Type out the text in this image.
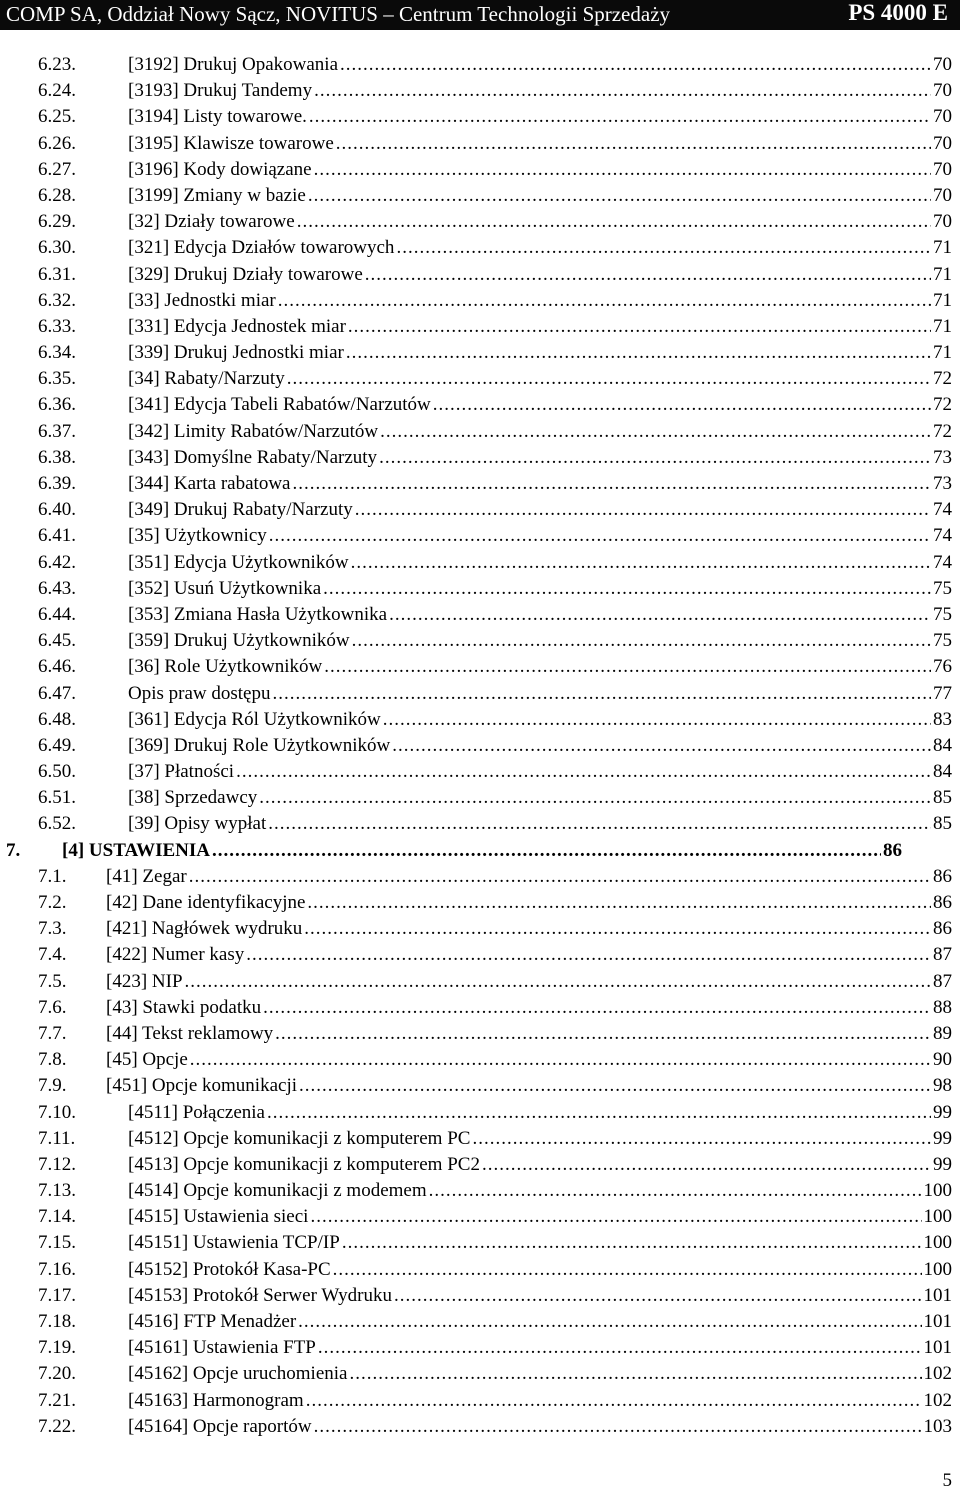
COMP SA, Oddział Nowy Sącz, NOVITUS – Centrum Technologii Sprzedaży	PS 4000 E
6.23.	[3192] Drukuj Opakowania .....	70
6.24.	[3193] Drukuj Tandemy .....	70
6.25.	[3194] Listy towarowe. .....	70
6.26.	[3195] Klawisze towarowe .....	70
6.27.	[3196] Kody dowiązane .....	70
6.28.	[3199] Zmiany w bazie .....	70
6.29.	[32] Działy towarowe .....	70
6.30.	[321] Edycja Działów towarowych .....	71
6.31.	[329] Drukuj Działy towarowe .....	71
6.32.	[33] Jednostki miar .....	71
6.33.	[331] Edycja Jednostek miar .....	71
6.34.	[339] Drukuj Jednostki miar .....	71
6.35.	[34] Rabaty/Narzuty .....	72
6.36.	[341] Edycja Tabeli Rabatów/Narzutów .....	72
6.37.	[342] Limity Rabatów/Narzutów .....	72
6.38.	[343] Domyślne Rabaty/Narzuty .....	73
6.39.	[344] Karta rabatowa .....	73
6.40.	[349] Drukuj Rabaty/Narzuty .....	74
6.41.	[35] Użytkownicy .....	74
6.42.	[351] Edycja Użytkowników .....	74
6.43.	[352] Usuń Użytkownika .....	75
6.44.	[353] Zmiana Hasła Użytkownika .....	75
6.45.	[359] Drukuj Użytkowników .....	75
6.46.	[36] Role Użytkowników .....	76
6.47.	Opis praw dostępu .....	77
6.48.	[361] Edycja Ról Użytkowników .....	83
6.49.	[369] Drukuj Role Użytkowników .....	84
6.50.	[37] Płatności .....	84
6.51.	[38] Sprzedawcy .....	85
6.52.	[39] Opisy wypłat .....	85
7. [4] USTAWIENIA .....	86
7.1. [41] Zegar .....	86
7.2. [42] Dane identyfikacyjne .....	86
7.3. [421] Nagłówek wydruku .....	86
7.4. [422] Numer kasy .....	87
7.5. [423] NIP .....	87
7.6. [43] Stawki podatku .....	88
7.7. [44] Tekst reklamowy .....	89
7.8. [45] Opcje .....	90
7.9. [451] Opcje komunikacji .....	98
7.10.	[4511] Połączenia .....	99
7.11.	[4512] Opcje komunikacji z komputerem PC .....	99
7.12.	[4513] Opcje komunikacji z komputerem PC2 .....	99
7.13.	[4514] Opcje komunikacji z modemem .....	100
7.14.	[4515] Ustawienia sieci .....	100
7.15.	[45151] Ustawienia TCP/IP .....	100
7.16.	[45152] Protokół Kasa-PC .....	100
7.17.	[45153] Protokół Serwer Wydruku .....	101
7.18.	[4516] FTP Menadżer .....	101
7.19.	[45161] Ustawienia FTP .....	101
7.20.	[45162] Opcje uruchomienia .....	102
7.21.	[45163] Harmonogram .....	102
7.22.	[45164] Opcje raportów .....	103
5
